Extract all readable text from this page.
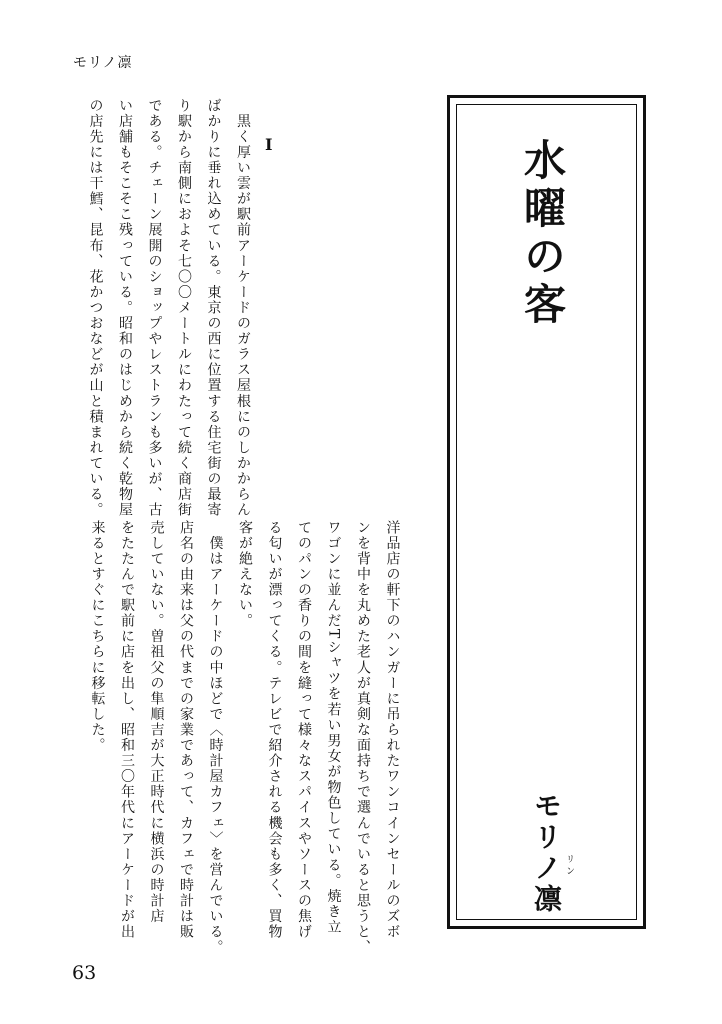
モリノ凛
水曜の客
モリノ凛 リン
I
　黒く厚い雲が駅前アーケードのガラス屋根にのしかからん
ばかりに垂れ込めている。東京の西に位置する住宅街の最寄
り駅から南側におよそ七〇〇メートルにわたって続く商店街
である。チェーン展開のショップやレストランも多いが、古
い店舗もそこそこ残っている。昭和のはじめから続く乾物屋
の店先には干鱈、昆布、花かつおなどが山と積まれている。
洋品店の軒下のハンガーに吊られたワンコインセールのズボ
ンを背中を丸めた老人が真剣な面持ちで選んでいると思うと、
ワゴンに並んだTシャツを若い男女が物色している。焼き立
てのパンの香りの間を縫って様々なスパイスやソースの焦げ
る匂いが漂ってくる。テレビで紹介される機会も多く、買物
客が絶えない。
　僕はアーケードの中ほどで〈時計屋カフェ〉を営んでいる。
店名の由来は父の代までの家業であって、カフェで時計は販
売していない。曽祖父の隼順吉が大正時代に横浜の時計店
をたたんで駅前に店を出し、昭和三〇年代にアーケードが出
来るとすぐにこちらに移転した。
63
